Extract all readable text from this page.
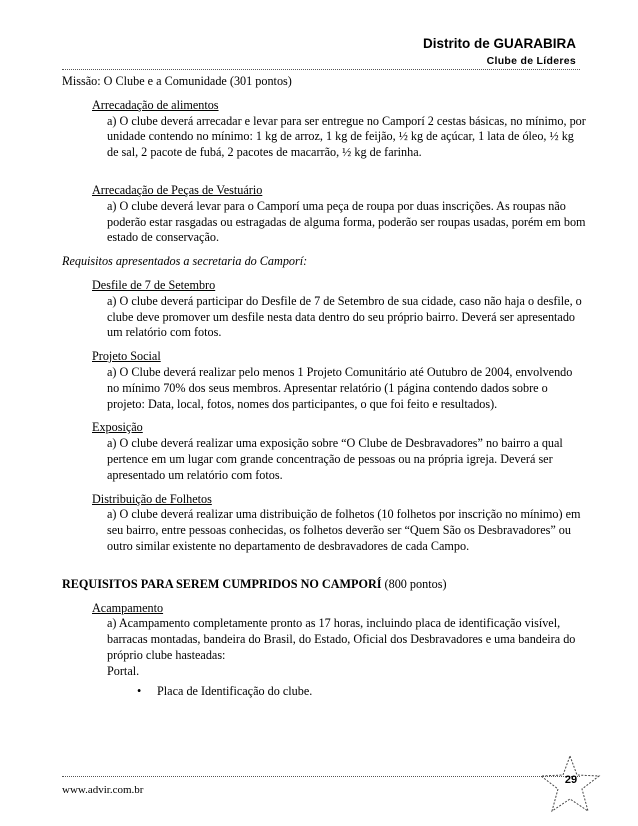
Distrito de GUARABIRA
Clube de Líderes

Missão: O Clube e a Comunidade (301 pontos)

Arrecadação de alimentos

a) O clube deverá arrecadar e levar para ser entregue no Camporí 2 cestas básicas, no mínimo, por unidade contendo no mínimo: 1 kg de arroz, 1 kg de feijão, ½ kg de açúcar, 1 lata de óleo, ½ kg de sal, 2 pacote de fubá, 2 pacotes de macarrão, ½ kg de farinha.

Arrecadação de Peças de Vestuário

a) O clube deverá levar para o Camporí uma peça de roupa por duas inscrições. As roupas não poderão estar rasgadas ou estragadas de alguma forma, poderão ser roupas usadas, porém em bom estado de conservação.

Requisitos apresentados a secretaria do Camporí:

Desfile de 7 de Setembro

a) O clube deverá participar do Desfile de 7 de Setembro de sua cidade, caso não haja o desfile, o clube deve promover um desfile nesta data dentro do seu próprio bairro. Deverá ser apresentado um relatório com fotos.

Projeto Social

a) O Clube deverá realizar pelo menos 1 Projeto Comunitário até Outubro de 2004, envolvendo no mínimo 70% dos seus membros. Apresentar relatório (1 página contendo dados sobre o projeto: Data, local, fotos, nomes dos participantes, o que foi feito e resultados).

Exposição

a) O clube deverá realizar uma exposição sobre “O Clube de Desbravadores” no bairro a qual pertence em um lugar com grande concentração de pessoas ou na própria igreja. Deverá ser apresentado um relatório com fotos.

Distribuição de Folhetos

a) O clube deverá realizar uma distribuição de folhetos (10 folhetos por inscrição no mínimo) em seu bairro, entre pessoas conhecidas, os folhetos deverão ser “Quem São os Desbravadores” ou outro similar existente no departamento de desbravadores de cada Campo.

REQUISITOS PARA SEREM CUMPRIDOS NO CAMPORÍ (800 pontos)

Acampamento

a) Acampamento completamente pronto as 17 horas, incluindo placa de identificação visível, barracas montadas, bandeira do Brasil, do Estado, Oficial dos Desbravadores e uma bandeira do próprio clube hasteadas:

Portal.

• Placa de Identificação do clube.

www.advir.com.br
29
